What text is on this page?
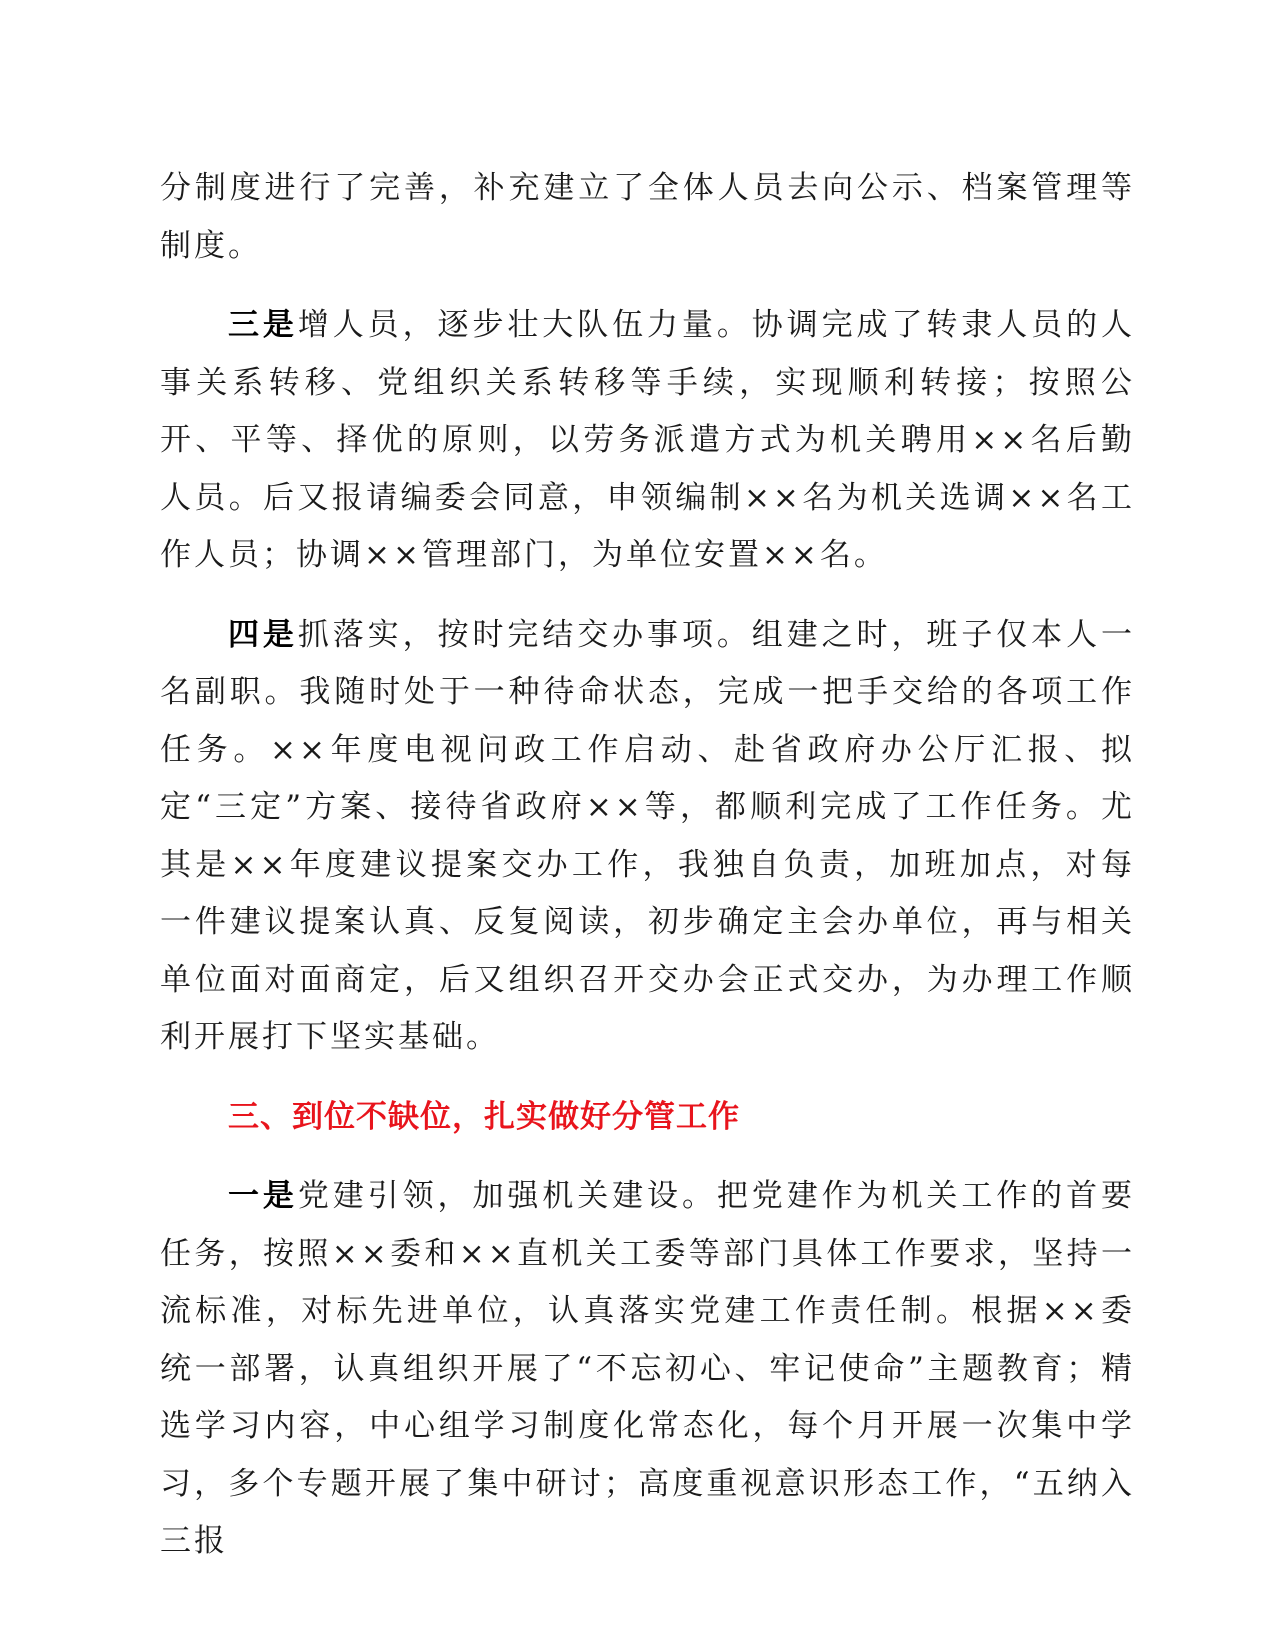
分制度进行了完善，补充建立了全体人员去向公示、档案管理等制度。

三是增人员，逐步壮大队伍力量。协调完成了转隶人员的人事关系转移、党组织关系转移等手续，实现顺利转接；按照公开、平等、择优的原则，以劳务派遣方式为机关聘用××名后勤人员。后又报请编委会同意，申领编制××名为机关选调××名工作人员；协调××管理部门，为单位安置××名。

四是抓落实，按时完结交办事项。组建之时，班子仅本人一名副职。我随时处于一种待命状态，完成一把手交给的各项工作任务。××年度电视问政工作启动、赴省政府办公厅汇报、拟定“三定”方案、接待省政府××等，都顺利完成了工作任务。尤其是××年度建议提案交办工作，我独自负责，加班加点，对每一件建议提案认真、反复阅读，初步确定主会办单位，再与相关单位面对面商定，后又组织召开交办会正式交办，为办理工作顺利开展打下坚实基础。

三、到位不缺位，扎实做好分管工作

一是党建引领，加强机关建设。把党建作为机关工作的首要任务，按照××委和××直机关工委等部门具体工作要求，坚持一流标准，对标先进单位，认真落实党建工作责任制。根据××委统一部署，认真组织开展了“不忘初心、牢记使命”主题教育；精选学习内容，中心组学习制度化常态化，每个月开展一次集中学习，多个专题开展了集中研讨；高度重视意识形态工作，“五纳入三报
